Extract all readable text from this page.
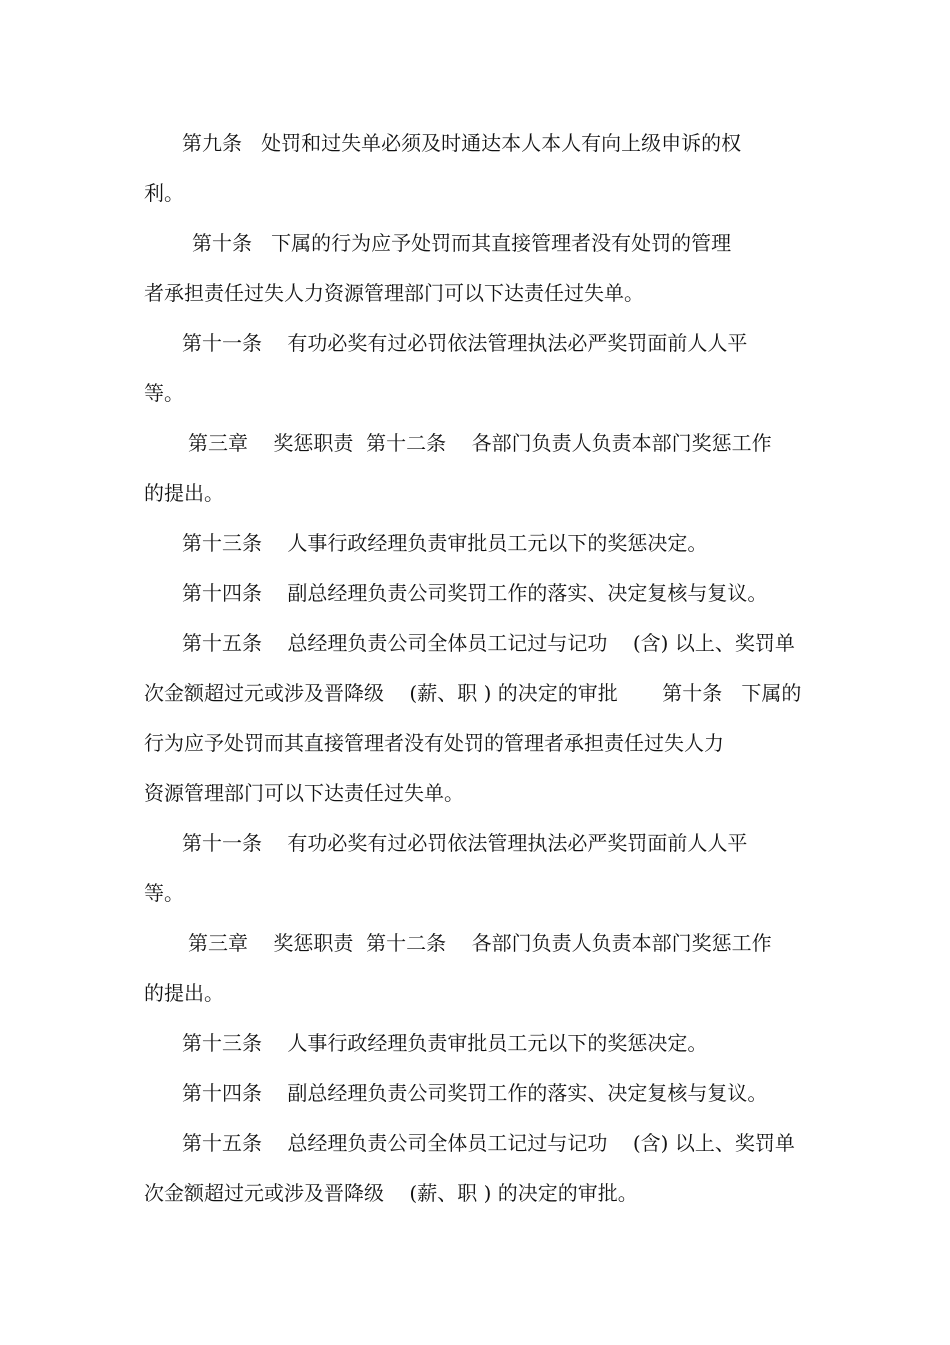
第九条   处罚和过失单必须及时通达本人本人有向上级申诉的权
利。
第十条   下属的行为应予处罚而其直接管理者没有处罚的管理
者承担责任过失人力资源管理部门可以下达责任过失单。
第十一条    有功必奖有过必罚依法管理执法必严奖罚面前人人平
等。
第三章    奖惩职责  第十二条    各部门负责人负责本部门奖惩工作
的提出。
第十三条    人事行政经理负责审批员工元以下的奖惩决定。
第十四条    副总经理负责公司奖罚工作的落实、决定复核与复议。
第十五条    总经理负责公司全体员工记过与记功    (含) 以上、奖罚单
次金额超过元或涉及晋降级    (薪、职 ) 的决定的审批       第十条   下属的
行为应予处罚而其直接管理者没有处罚的管理者承担责任过失人力
资源管理部门可以下达责任过失单。
第十一条    有功必奖有过必罚依法管理执法必严奖罚面前人人平
等。
第三章    奖惩职责  第十二条    各部门负责人负责本部门奖惩工作
的提出。
第十三条    人事行政经理负责审批员工元以下的奖惩决定。
第十四条    副总经理负责公司奖罚工作的落实、决定复核与复议。
第十五条    总经理负责公司全体员工记过与记功    (含) 以上、奖罚单
次金额超过元或涉及晋降级    (薪、职 ) 的决定的审批。
